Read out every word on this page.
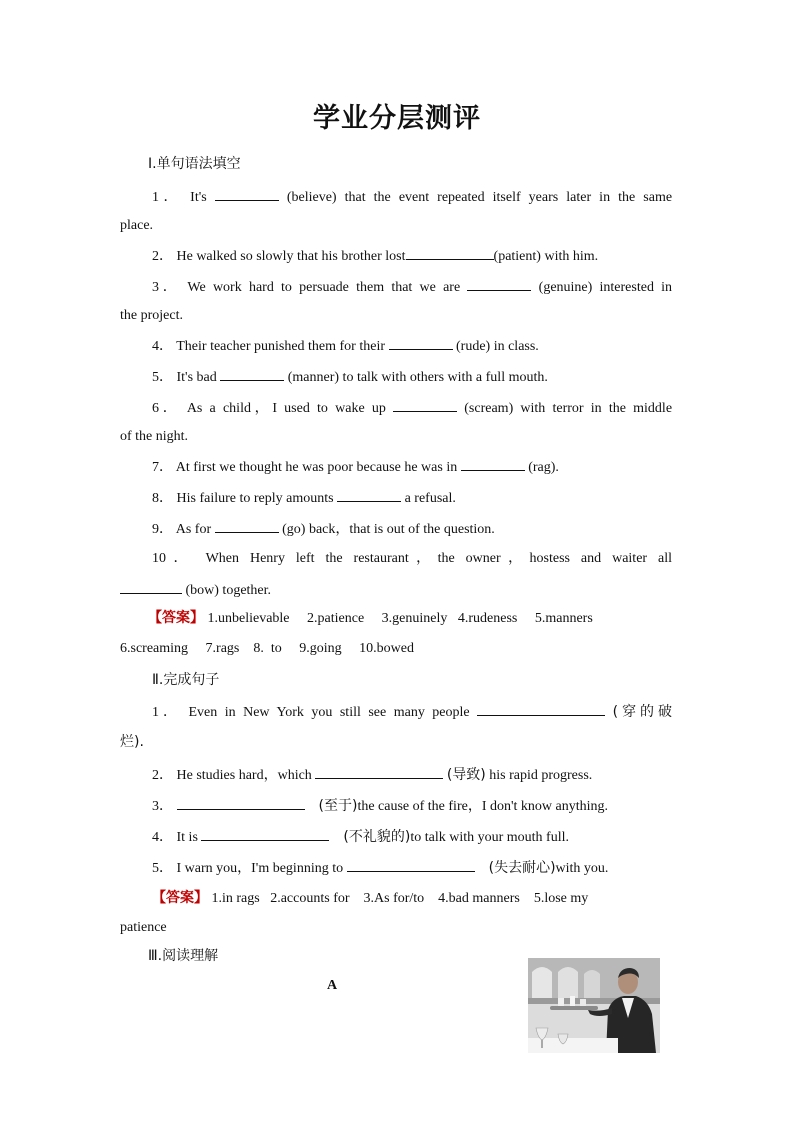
学业分层测评
Ⅰ.单句语法填空
1． It's	(believe) that the event repeated itself years later in the same
place.
2． He walked so slowly that his brother lost	(patient) with him.
3． We work hard to persuade them that we are	(genuine) interested in
the project.
4． Their teacher punished them for their	(rude) in class.
5． It's bad	(manner) to talk with others with a full mouth.
6． As a child，I used to wake up	(scream) with terror in the middle
of the night.
7． At first we thought he was poor because he was in	(rag).
8． His failure to reply amounts	a refusal.
9． As for	(go) back，that is out of the question.
10． When Henry left the restaurant，the owner，hostess and waiter all
(bow) together.
【答案】 1.unbelievable     2.patience     3.genuinely   4.rudeness     5.manners
6.screaming     7.rags    8.  to     9.going     10.bowed
Ⅱ.完成句子
1． Even in New York you still see many people	(穿的破
烂).
2． He studies hard，which	(导致) his rapid progress.
3．	(至于)the cause of the fire，I don't know anything.
4． It is	(不礼貌的)to talk with your mouth full.
5． I warn you，I'm beginning to	(失去耐心)with you.
【答案】 1.in rags   2.accounts for    3.As for/to    4.bad manners    5.lose my
patience
Ⅲ.阅读理解
A
